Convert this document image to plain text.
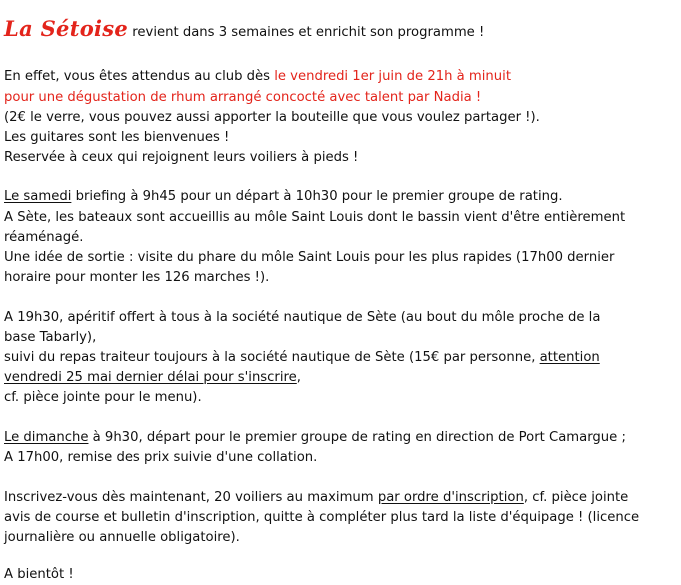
La Sétoise revient dans 3 semaines et enrichit son programme !
En effet, vous êtes attendus au club dès le vendredi 1er juin de 21h à minuit
pour une dégustation de rhum arrangé concocté avec talent par Nadia !
(2€ le verre, vous pouvez aussi apporter la bouteille que vous voulez partager !).
Les guitares sont les bienvenues !
Reservée à ceux qui rejoignent leurs voiliers à pieds !
Le samedi briefing à 9h45 pour un départ à 10h30 pour le premier groupe de rating.
A Sète, les bateaux sont accueillis au môle Saint Louis dont le bassin vient d'être entièrement
réaménagé.
Une idée de sortie : visite du phare du môle Saint Louis pour les plus rapides (17h00 dernier
horaire pour monter les 126 marches !).
A 19h30, apéritif offert à tous à la société nautique de Sète (au bout du môle proche de la
base Tabarly),
suivi du repas traiteur toujours à la société nautique de Sète (15€ par personne, attention
vendredi 25 mai dernier délai pour s'inscrire,
cf. pièce jointe pour le menu).
Le dimanche à 9h30, départ pour le premier groupe de rating en direction de Port Camargue ;
A 17h00, remise des prix suivie d'une collation.
Inscrivez-vous dès maintenant, 20 voiliers au maximum par ordre d'inscription, cf. pièce jointe
avis de course et bulletin d'inscription, quitte à compléter plus tard la liste d'équipage ! (licence
journalière ou annuelle obligatoire).
A bientôt !
